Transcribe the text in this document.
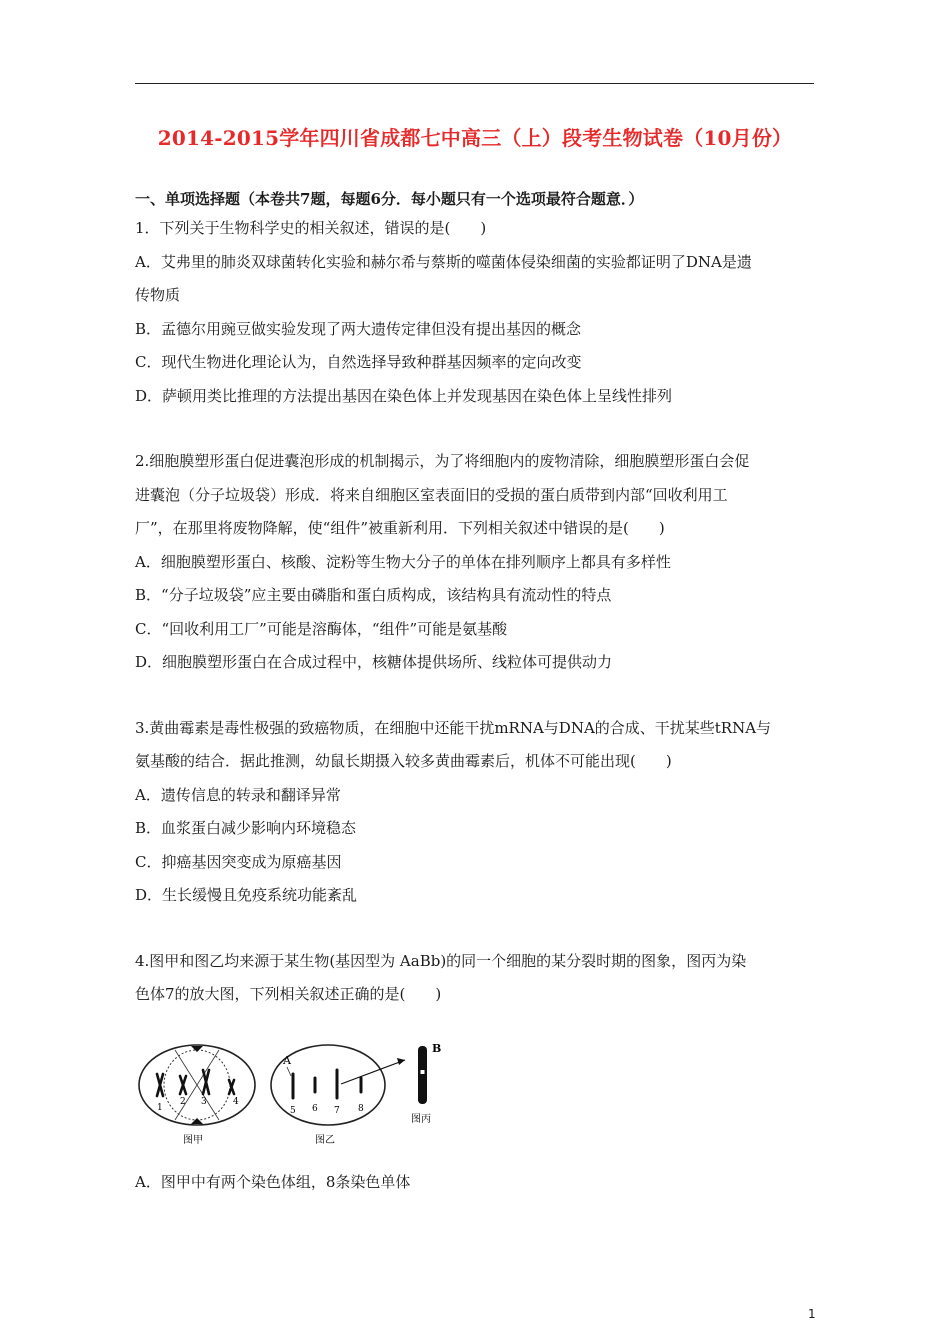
2014-2015学年四川省成都七中高三（上）段考生物试卷（10月份）
一、单项选择题（本卷共7题，每题6分．每小题只有一个选项最符合题意．）
1．下列关于生物科学史的相关叙述，错误的是(　　)
A．艾弗里的肺炎双球菌转化实验和赫尔希与蔡斯的噬菌体侵染细菌的实验都证明了DNA是遗
传物质
B．孟德尔用豌豆做实验发现了两大遗传定律但没有提出基因的概念
C．现代生物进化理论认为，自然选择导致种群基因频率的定向改变
D．萨顿用类比推理的方法提出基因在染色体上并发现基因在染色体上呈线性排列
2.细胞膜塑形蛋白促进囊泡形成的机制揭示，为了将细胞内的废物清除，细胞膜塑形蛋白会促
进囊泡（分子垃圾袋）形成．将来自细胞区室表面旧的受损的蛋白质带到内部“回收利用工
厂”，在那里将废物降解，使“组件”被重新利用．下列相关叙述中错误的是(　　)
A．细胞膜塑形蛋白、核酸、淀粉等生物大分子的单体在排列顺序上都具有多样性
B．“分子垃圾袋”应主要由磷脂和蛋白质构成，该结构具有流动性的特点
C．“回收利用工厂”可能是溶酶体，“组件”可能是氨基酸
D．细胞膜塑形蛋白在合成过程中，核糖体提供场所、线粒体可提供动力
3.黄曲霉素是毒性极强的致癌物质，在细胞中还能干扰mRNA与DNA的合成、干扰某些tRNA与
氨基酸的结合．据此推测，幼鼠长期摄入较多黄曲霉素后，机体不可能出现(　　)
A．遗传信息的转录和翻译异常
B．血浆蛋白减少影响内环境稳态
C．抑癌基因突变成为原癌基因
D．生长缓慢且免疫系统功能紊乱
4.图甲和图乙均来源于某生物(基因型为 AaBb)的同一个细胞的某分裂时期的图象，图丙为染
色体7的放大图，下列相关叙述正确的是(　　)
1
2 3	4
图甲
A
5 6 7 8
图乙
B
图丙
A．图甲中有两个染色体组，8条染色单体
1
